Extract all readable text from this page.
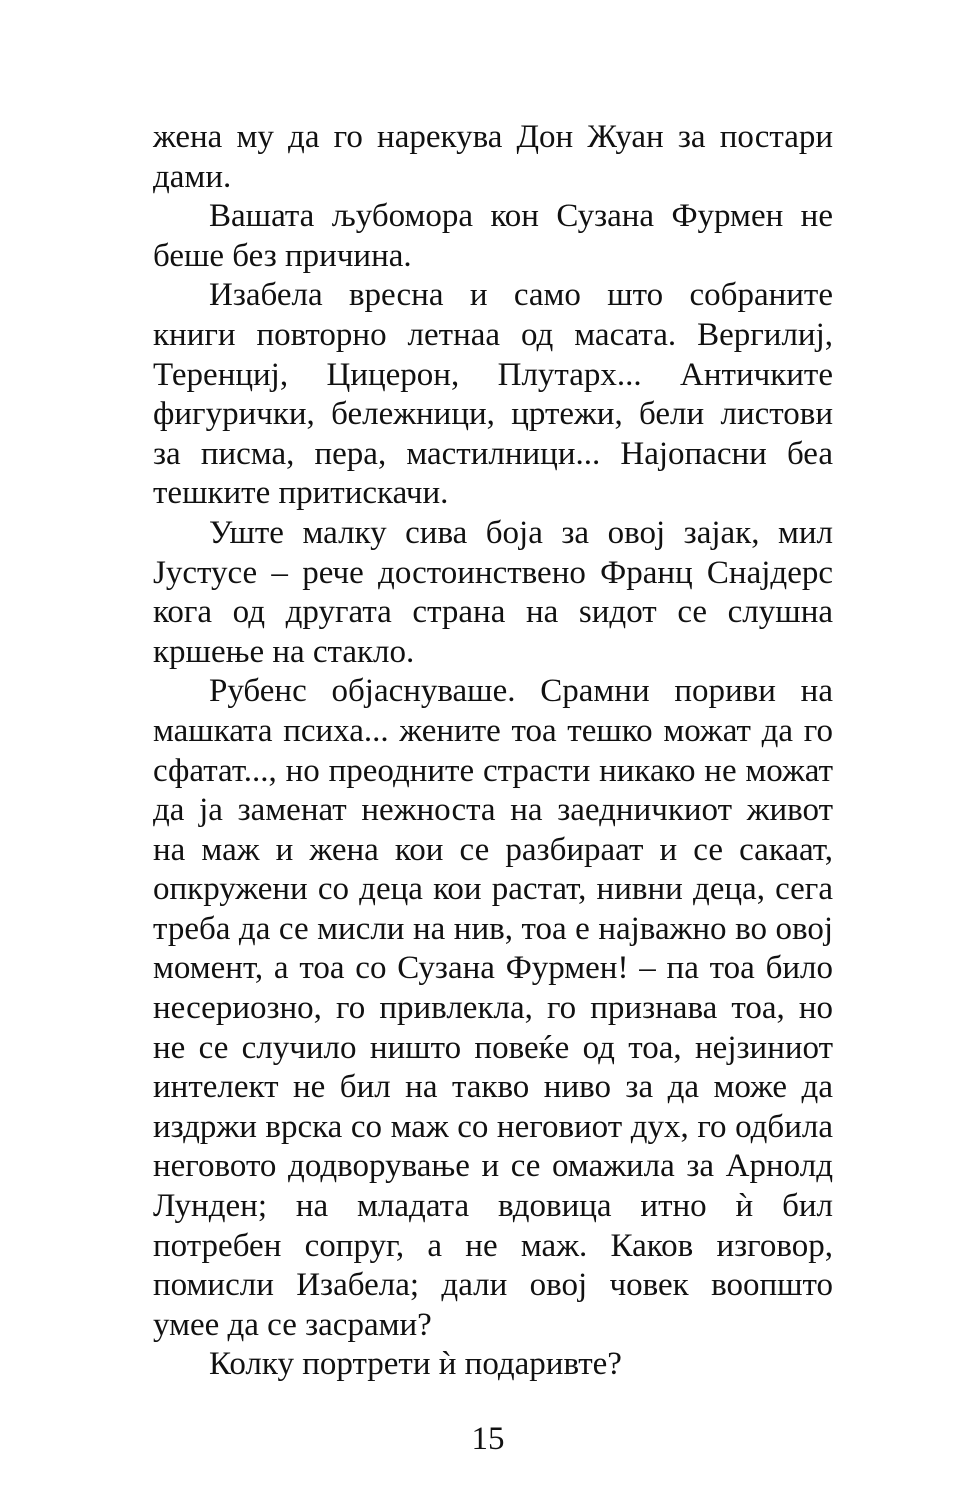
жена му да го нарекува Дон Жуан за постари дами.

Вашата љубомора кон Сузана Фурмен не беше без причина.

Изабела вресна и само што собраните книги повторно летнаа од масата. Вергилиј, Теренциј, Цицерон, Плутарх... Античките фигурички, бележници, цртежи, бели листови за писма, пера, мастилници... Најопасни беа тешките притискачи.

Уште малку сива боја за овој зајак, мил Јустусе – рече достоинствено Франц Снајдерс кога од другата страна на ѕидот се слушна кршење на стакло.

Рубенс објаснуваше. Срамни пориви на машката психа... жените тоа тешко можат да го сфатат..., но преодните страсти никако не можат да ја заменат нежноста на заедничкиот живот на маж и жена кои се разбираат и се сакаат, опкружени со деца кои растат, нивни деца, сега треба да се мисли на нив, тоа е најважно во овој момент, а тоа со Сузана Фурмен! – па тоа било несериозно, го привлекла, го признава тоа, но не се случило ништо повеќе од тоа, нејзиниот интелект не бил на такво ниво за да може да издржи врска со маж со неговиот дух, го одбила неговото додворување и се омажила за Арнолд Лунден; на младата вдовица итно ѝ бил потребен сопруг, а не маж. Каков изговор, помисли Изабела; дали овој човек воопшто умее да се засрами?

Колку портрети ѝ подаривте?

15
